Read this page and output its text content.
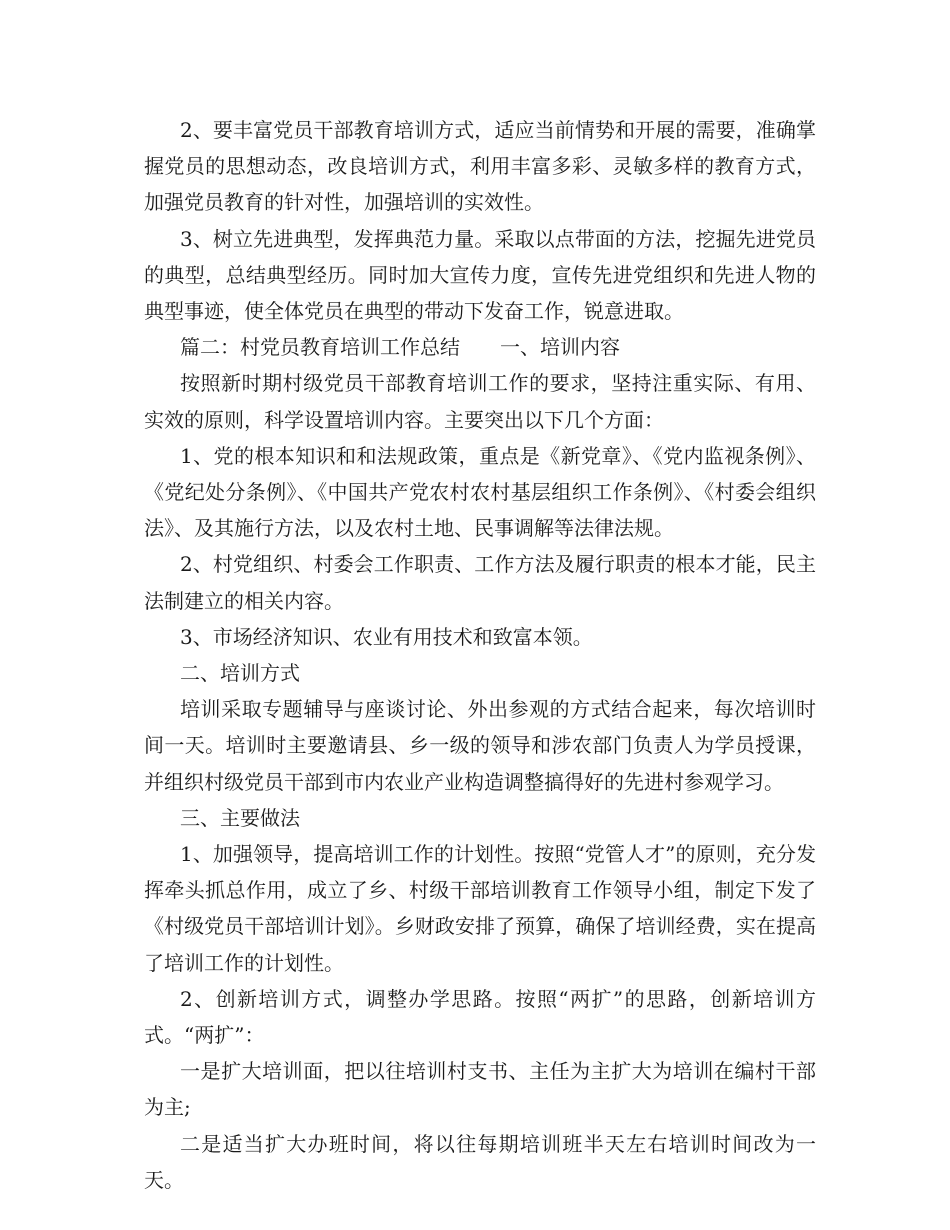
2、要丰富党员干部教育培训方式，适应当前情势和开展的需要，准确掌握党员的思想动态，改良培训方式，利用丰富多彩、灵敏多样的教育方式，加强党员教育的针对性，加强培训的实效性。

3、树立先进典型，发挥典范力量。采取以点带面的方法，挖掘先进党员的典型，总结典型经历。同时加大宣传力度，宣传先进党组织和先进人物的典型事迹，使全体党员在典型的带动下发奋工作，锐意进取。

篇二：村党员教育培训工作总结　　一、培训内容

按照新时期村级党员干部教育培训工作的要求，坚持注重实际、有用、实效的原则，科学设置培训内容。主要突出以下几个方面：

1、党的根本知识和和法规政策，重点是《新党章》、《党内监视条例》、《党纪处分条例》、《中国共产党农村农村基层组织工作条例》、《村委会组织法》、及其施行方法，以及农村土地、民事调解等法律法规。

2、村党组织、村委会工作职责、工作方法及履行职责的根本才能，民主法制建立的相关内容。

3、市场经济知识、农业有用技术和致富本领。

二、培训方式

培训采取专题辅导与座谈讨论、外出参观的方式结合起来，每次培训时间一天。培训时主要邀请县、乡一级的领导和涉农部门负责人为学员授课，并组织村级党员干部到市内农业产业构造调整搞得好的先进村参观学习。

三、主要做法

1、加强领导，提高培训工作的计划性。按照“党管人才”的原则，充分发挥牵头抓总作用，成立了乡、村级干部培训教育工作领导小组，制定下发了《村级党员干部培训计划》。乡财政安排了预算，确保了培训经费，实在提高了培训工作的计划性。

2、创新培训方式，调整办学思路。按照“两扩”的思路，创新培训方式。“两扩”：

一是扩大培训面，把以往培训村支书、主任为主扩大为培训在编村干部为主;

二是适当扩大办班时间，将以往每期培训班半天左右培训时间改为一天。
